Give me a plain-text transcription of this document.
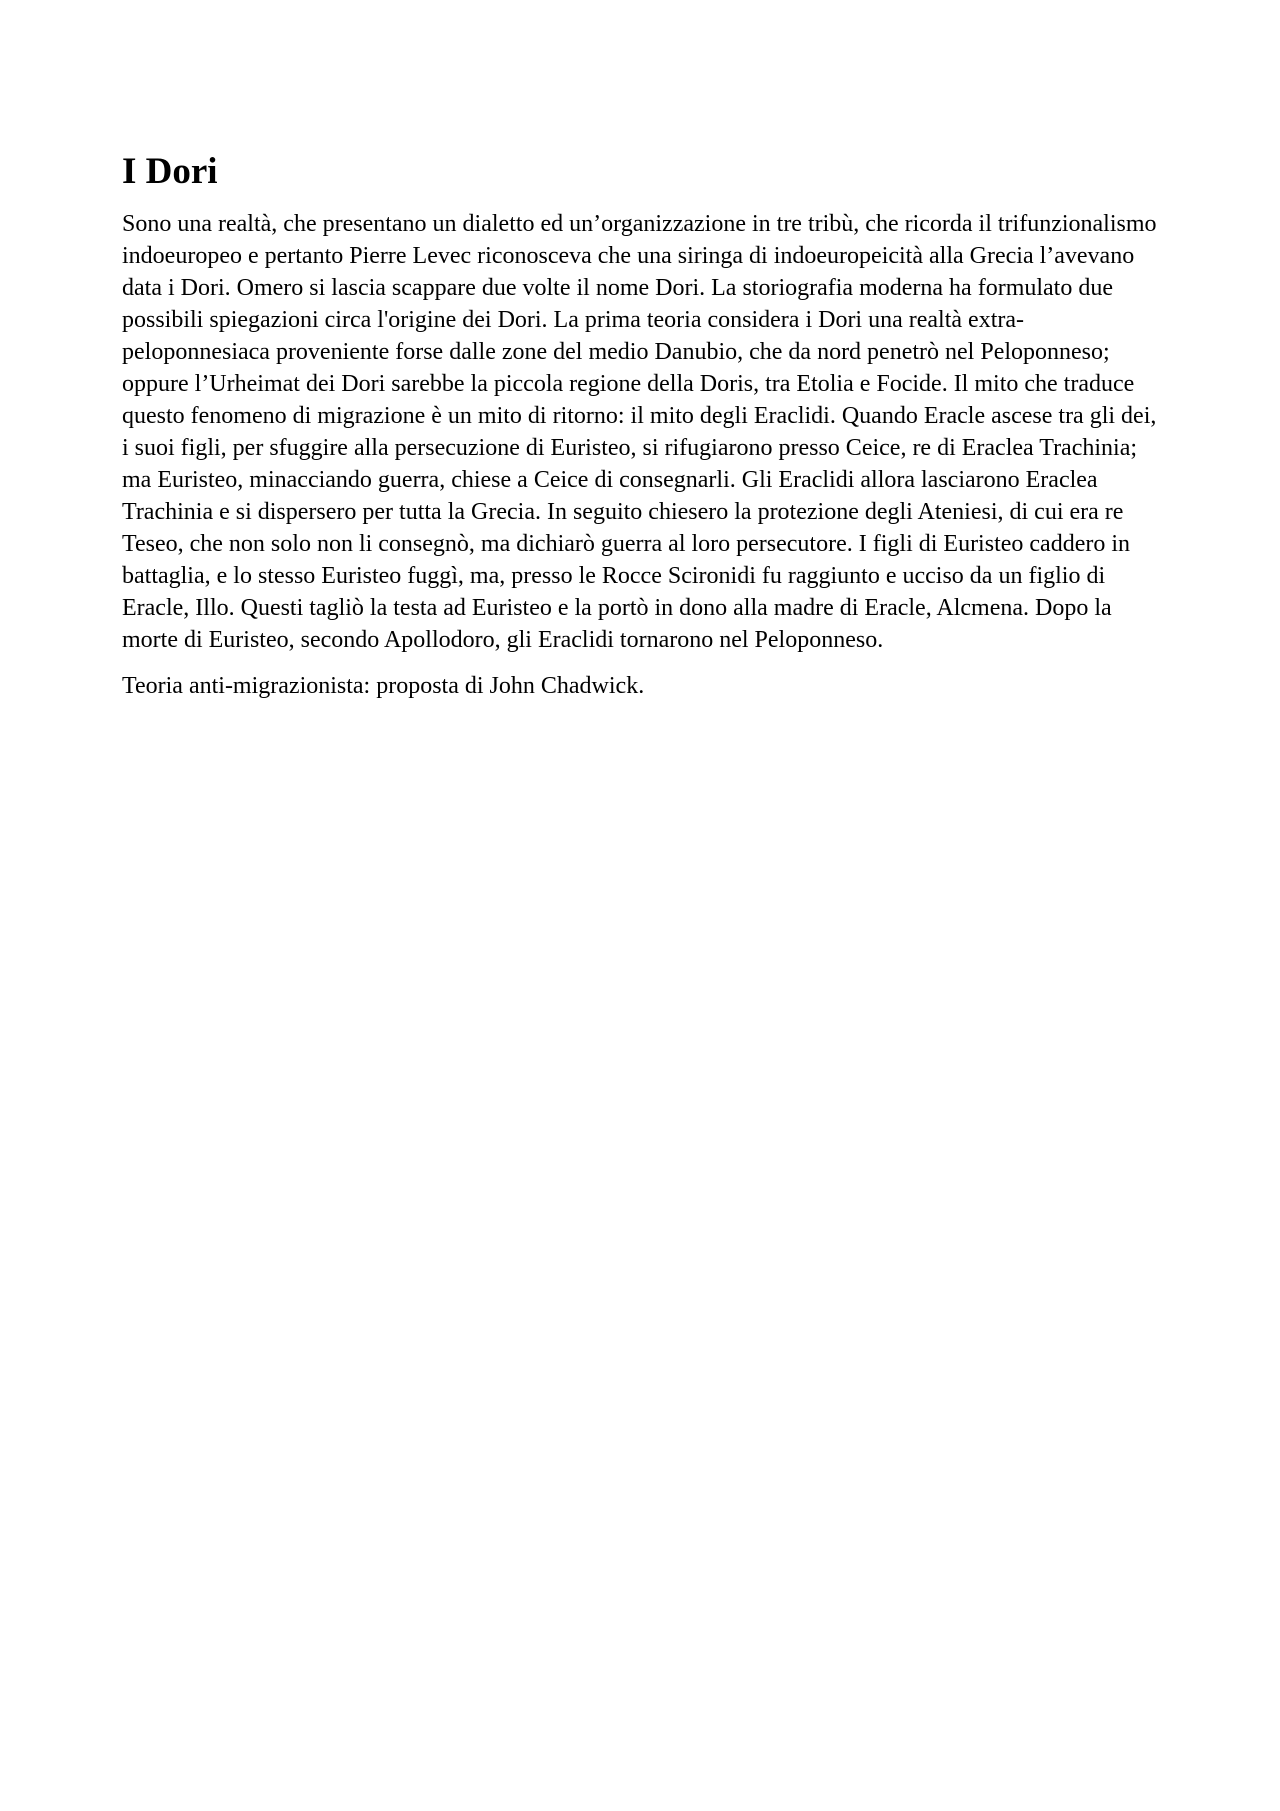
I Dori

Sono una realtà, che presentano un dialetto ed un’organizzazione in tre tribù, che ricorda il trifunzionalismo indoeuropeo e pertanto Pierre Levec riconosceva che una siringa di indoeuropeicità alla Grecia l’avevano data i Dori. Omero si lascia scappare due volte il nome Dori. La storiografia moderna ha formulato due possibili spiegazioni circa l'origine dei Dori. La prima teoria considera i Dori una realtà extra-peloponnesiaca proveniente forse dalle zone del medio Danubio, che da nord penetrò nel Peloponneso; oppure l’Urheimat dei Dori sarebbe la piccola regione della Doris, tra Etolia e Focide. Il mito che traduce questo fenomeno di migrazione è un mito di ritorno: il mito degli Eraclidi. Quando Eracle ascese tra gli dei, i suoi figli, per sfuggire alla persecuzione di Euristeo, si rifugiarono presso Ceice, re di Eraclea Trachinia; ma Euristeo, minacciando guerra, chiese a Ceice di consegnarli. Gli Eraclidi allora lasciarono Eraclea Trachinia e si dispersero per tutta la Grecia. In seguito chiesero la protezione degli Ateniesi, di cui era re Teseo, che non solo non li consegnò, ma dichiarò guerra al loro persecutore. I figli di Euristeo caddero in battaglia, e lo stesso Euristeo fuggì, ma, presso le Rocce Scironidi fu raggiunto e ucciso da un figlio di Eracle, Illo. Questi tagliò la testa ad Euristeo e la portò in dono alla madre di Eracle, Alcmena. Dopo la morte di Euristeo, secondo Apollodoro, gli Eraclidi tornarono nel Peloponneso.

Teoria anti-migrazionista: proposta di John Chadwick.
